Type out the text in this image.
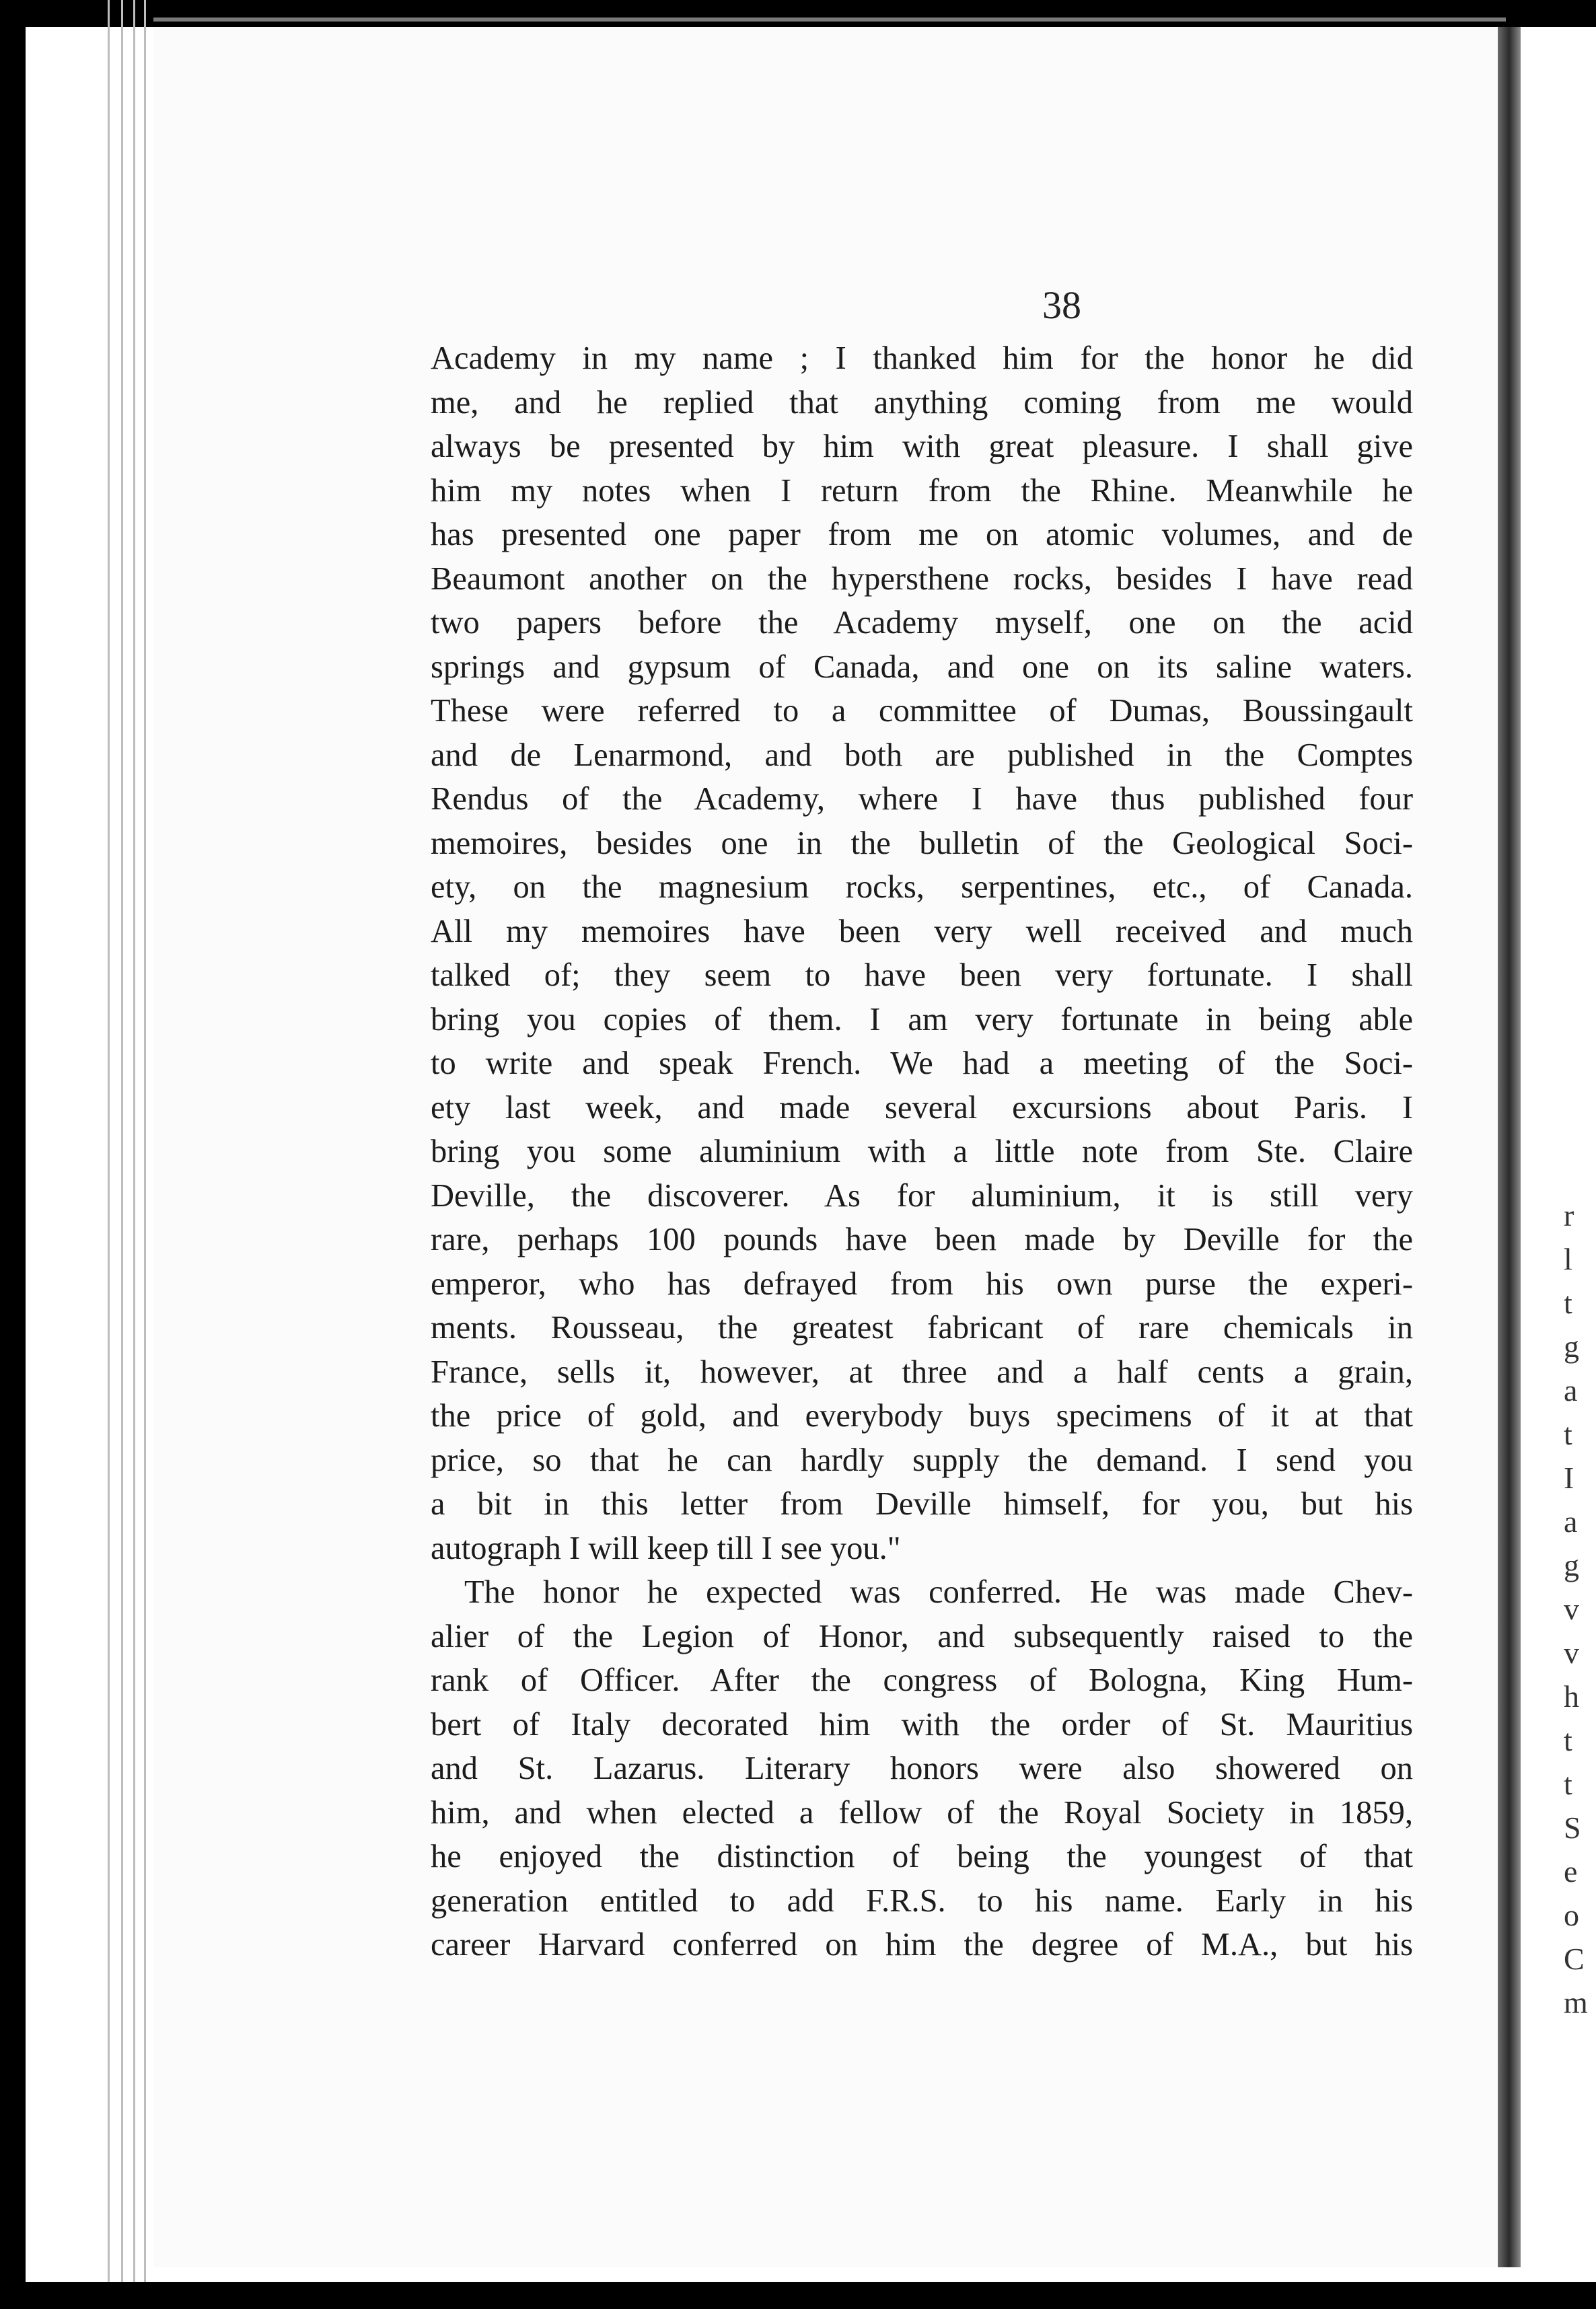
38
Academy in my name ; I thanked him for the honor he did
me, and he replied that anything coming from me would
always be presented by him with great pleasure. I shall give
him my notes when I return from the Rhine. Meanwhile he
has presented one paper from me on atomic volumes, and de
Beaumont another on the hypersthene rocks, besides I have read
two papers before the Academy myself, one on the acid
springs and gypsum of Canada, and one on its saline waters.
These were referred to a committee of Dumas, Boussingault
and de Lenarmond, and both are published in the Comptes
Rendus of the Academy, where I have thus published four
memoires, besides one in the bulletin of the Geological Soci-
ety, on the magnesium rocks, serpentines, etc., of Canada.
All my memoires have been very well received and much
talked of; they seem to have been very fortunate. I shall
bring you copies of them. I am very fortunate in being able
to write and speak French. We had a meeting of the Soci-
ety last week, and made several excursions about Paris. I
bring you some aluminium with a little note from Ste. Claire
Deville, the discoverer. As for aluminium, it is still very
rare, perhaps 100 pounds have been made by Deville for the
emperor, who has defrayed from his own purse the experi-
ments. Rousseau, the greatest fabricant of rare chemicals in
France, sells it, however, at three and a half cents a grain,
the price of gold, and everybody buys specimens of it at that
price, so that he can hardly supply the demand. I send you
a bit in this letter from Deville himself, for you, but his
autograph I will keep till I see you."
The honor he expected was conferred. He was made Chev-
alier of the Legion of Honor, and subsequently raised to the
rank of Officer. After the congress of Bologna, King Hum-
bert of Italy decorated him with the order of St. Mauritius
and St. Lazarus. Literary honors were also showered on
him, and when elected a fellow of the Royal Society in 1859,
he enjoyed the distinction of being the youngest of that
generation entitled to add F.R.S. to his name. Early in his
career Harvard conferred on him the degree of M.A., but his
r
l
t
g
a
t
I
a
g
v
v
h
t
t
S
e
o
C
m
